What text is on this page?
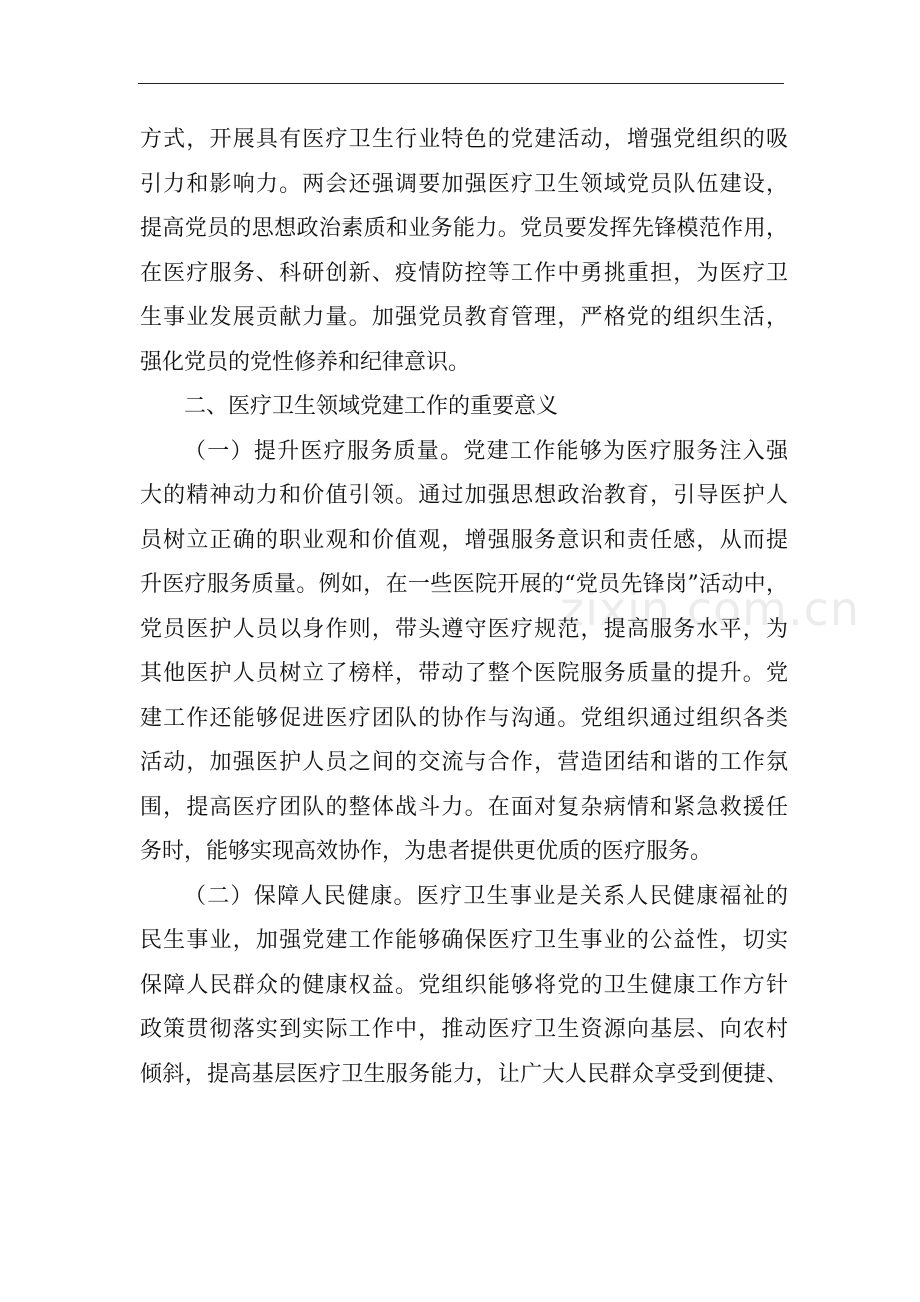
zixin.com.cn
方式，开展具有医疗卫生行业特色的党建活动，增强党组织的吸
引力和影响力。两会还强调要加强医疗卫生领域党员队伍建设，
提高党员的思想政治素质和业务能力。党员要发挥先锋模范作用，
在医疗服务、科研创新、疫情防控等工作中勇挑重担，为医疗卫
生事业发展贡献力量。加强党员教育管理，严格党的组织生活，
强化党员的党性修养和纪律意识。
二、医疗卫生领域党建工作的重要意义
（一）提升医疗服务质量。党建工作能够为医疗服务注入强
大的精神动力和价值引领。通过加强思想政治教育，引导医护人
员树立正确的职业观和价值观，增强服务意识和责任感，从而提
升医疗服务质量。例如，在一些医院开展的“党员先锋岗”活动中，
党员医护人员以身作则，带头遵守医疗规范，提高服务水平，为
其他医护人员树立了榜样，带动了整个医院服务质量的提升。党
建工作还能够促进医疗团队的协作与沟通。党组织通过组织各类
活动，加强医护人员之间的交流与合作，营造团结和谐的工作氛
围，提高医疗团队的整体战斗力。在面对复杂病情和紧急救援任
务时，能够实现高效协作，为患者提供更优质的医疗服务。
（二）保障人民健康。医疗卫生事业是关系人民健康福祉的
民生事业，加强党建工作能够确保医疗卫生事业的公益性，切实
保障人民群众的健康权益。党组织能够将党的卫生健康工作方针
政策贯彻落实到实际工作中，推动医疗卫生资源向基层、向农村
倾斜，提高基层医疗卫生服务能力，让广大人民群众享受到便捷、
